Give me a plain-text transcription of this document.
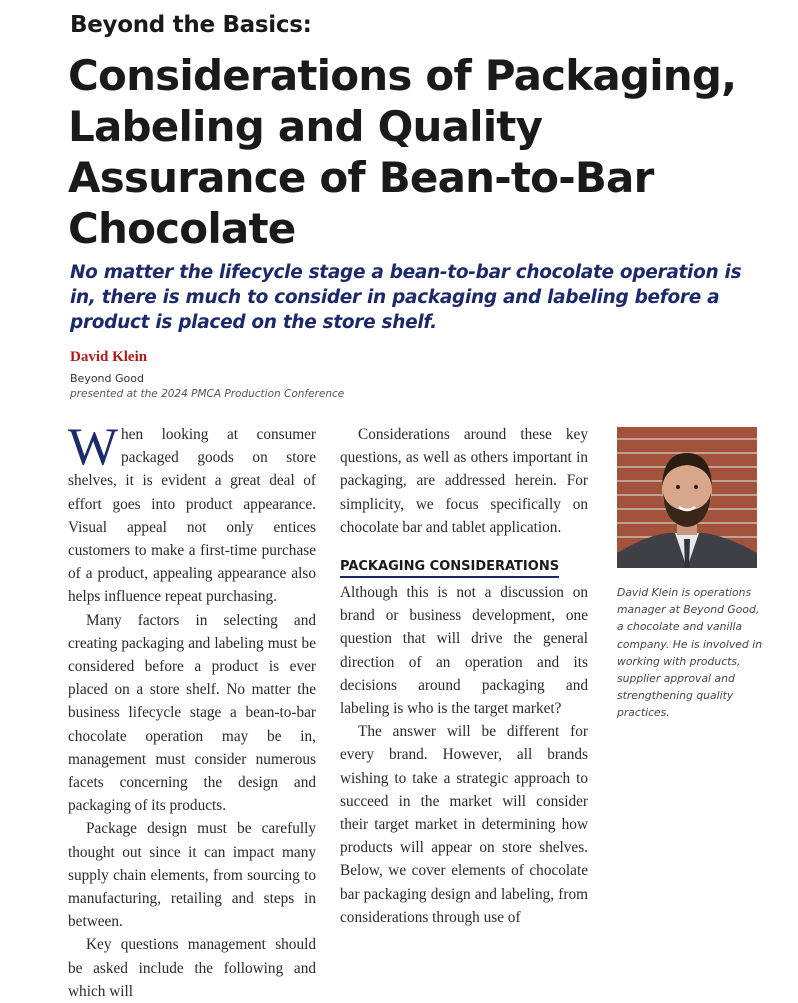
Beyond the Basics:
Considerations of Packaging, Labeling and Quality Assurance of Bean-to-Bar Chocolate

No matter the lifecycle stage a bean-to-bar chocolate operation is in, there is much to consider in packaging and labeling before a product is placed on the store shelf.

David Klein
Beyond Good
presented at the 2024 PMCA Production Conference

When looking at consumer packaged goods on store shelves, it is evident a great deal of effort goes into product appearance. Visual appeal not only entices customers to make a first-time purchase of a product, appealing appearance also helps influence repeat purchasing.

Many factors in selecting and creating packaging and labeling must be considered before a product is ever placed on a store shelf. No matter the business lifecycle stage a bean-to-bar chocolate operation may be in, management must consider numerous facets concerning the design and packaging of its products.

Package design must be carefully thought out since it can impact many supply chain elements, from sourcing to manufacturing, retailing and steps in between.

Key questions management should be asked include the following and which will

Considerations around these key questions, as well as others important in packaging, are addressed herein. For simplicity, we focus specifically on chocolate bar and tablet application.

PACKAGING CONSIDERATIONS

Although this is not a discussion on brand or business development, one question that will drive the general direction of an operation and its decisions around packaging and labeling is who is the target market?

The answer will be different for every brand. However, all brands wishing to take a strategic approach to succeed in the market will consider their target market in determining how products will appear on store shelves. Below, we cover elements of chocolate bar packaging design and labeling, from considerations through use of

David Klein is operations manager at Beyond Good, a chocolate and vanilla company. He is involved in working with products, supplier approval and strengthening quality practices.
